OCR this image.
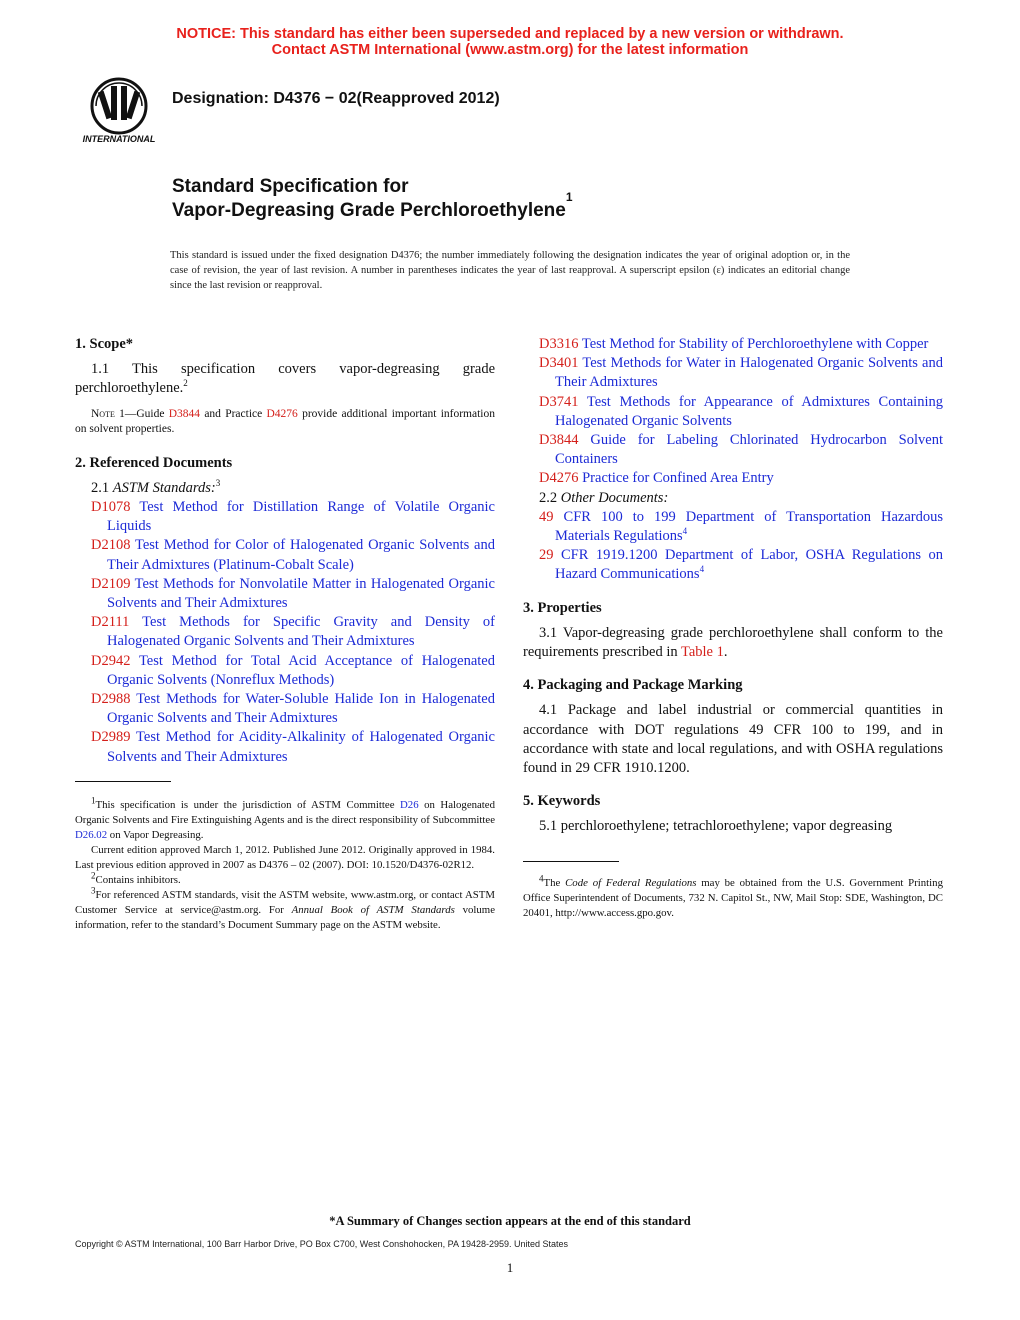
NOTICE: This standard has either been superseded and replaced by a new version or withdrawn.
Contact ASTM International (www.astm.org) for the latest information
INTERNATIONAL
Designation: D4376 − 02(Reapproved 2012)
Standard Specification for
Vapor-Degreasing Grade Perchloroethylene$^1$
This standard is issued under the fixed designation D4376; the number immediately following the designation indicates the year of original adoption or, in the case of revision, the year of last revision. A number in parentheses indicates the year of last reapproval. A superscript epsilon (ε) indicates an editorial change since the last revision or reapproval.
1. Scope*

1.1 This specification covers vapor-degreasing grade perchloroethylene.$^2$

Note 1—Guide D3844 and Practice D4276 provide additional important information on solvent properties.

2. Referenced Documents

2.1 ASTM Standards:$^3$

D1078 Test Method for Distillation Range of Volatile Organic Liquids

D2108 Test Method for Color of Halogenated Organic Solvents and Their Admixtures (Platinum-Cobalt Scale)

D2109 Test Methods for Nonvolatile Matter in Halogenated Organic Solvents and Their Admixtures

D2111 Test Methods for Specific Gravity and Density of Halogenated Organic Solvents and Their Admixtures

D2942 Test Method for Total Acid Acceptance of Halogenated Organic Solvents (Nonreflux Methods)

D2988 Test Methods for Water-Soluble Halide Ion in Halogenated Organic Solvents and Their Admixtures

D2989 Test Method for Acidity-Alkalinity of Halogenated Organic Solvents and Their Admixtures

$^1$This specification is under the jurisdiction of ASTM Committee D26 on Halogenated Organic Solvents and Fire Extinguishing Agents and is the direct responsibility of Subcommittee D26.02 on Vapor Degreasing.

Current edition approved March 1, 2012. Published June 2012. Originally approved in 1984. Last previous edition approved in 2007 as D4376 – 02 (2007). DOI: 10.1520/D4376-02R12.

$^2$Contains inhibitors.

$^3$For referenced ASTM standards, visit the ASTM website, www.astm.org, or contact ASTM Customer Service at service@astm.org. For Annual Book of ASTM Standards volume information, refer to the standard’s Document Summary page on the ASTM website.

D3316 Test Method for Stability of Perchloroethylene with Copper

D3401 Test Methods for Water in Halogenated Organic Solvents and Their Admixtures

D3741 Test Methods for Appearance of Admixtures Containing Halogenated Organic Solvents

D3844 Guide for Labeling Chlorinated Hydrocarbon Solvent Containers

D4276 Practice for Confined Area Entry

2.2 Other Documents:

49 CFR 100 to 199 Department of Transportation Hazardous Materials Regulations$^4$

29 CFR 1919.1200 Department of Labor, OSHA Regulations on Hazard Communications$^4$

3. Properties

3.1 Vapor-degreasing grade perchloroethylene shall conform to the requirements prescribed in Table 1.

4. Packaging and Package Marking

4.1 Package and label industrial or commercial quantities in accordance with DOT regulations 49 CFR 100 to 199, and in accordance with state and local regulations, and with OSHA regulations found in 29 CFR 1910.1200.

5. Keywords

5.1 perchloroethylene; tetrachloroethylene; vapor degreasing

$^4$The Code of Federal Regulations may be obtained from the U.S. Government Printing Office Superintendent of Documents, 732 N. Capitol St., NW, Mail Stop: SDE, Washington, DC 20401, http://www.access.gpo.gov.

*A Summary of Changes section appears at the end of this standard
Copyright © ASTM International, 100 Barr Harbor Drive, PO Box C700, West Conshohocken, PA 19428-2959. United States
1
